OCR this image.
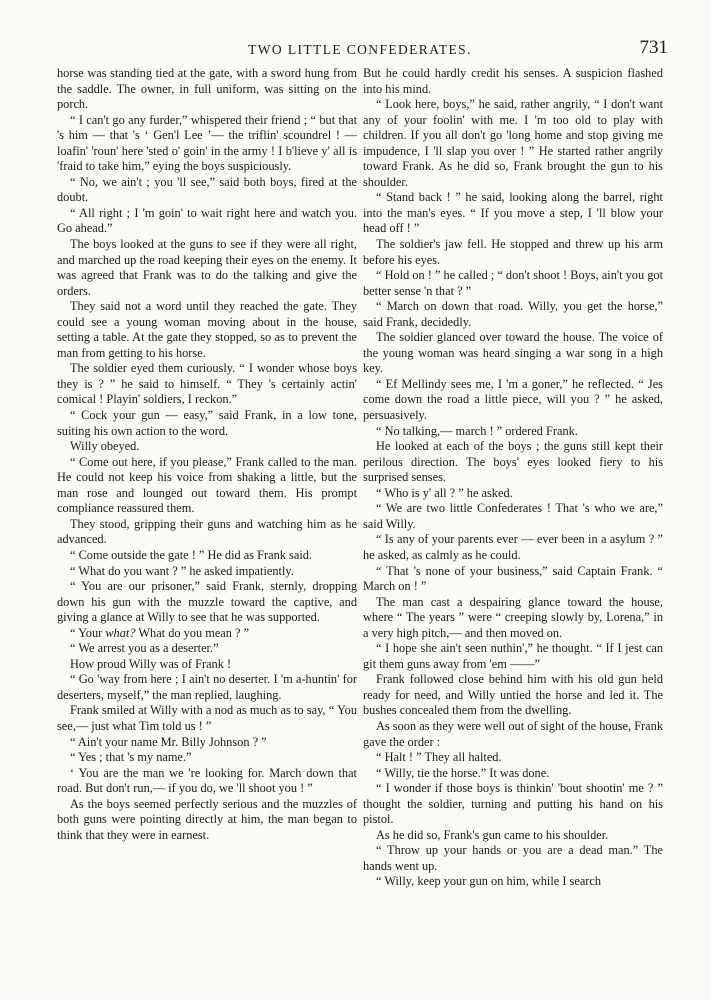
TWO LITTLE CONFEDERATES.	731

horse was standing tied at the gate, with a sword hung from the saddle. The owner, in full uniform, was sitting on the porch.

“ I can't go any furder,” whispered their friend ; “ but that 's him — that 's ‘ Gen'l Lee ’— the triflin' scoundrel ! — loafin' 'roun' here 'sted o' goin' in the army ! I b'lieve y' all is 'fraid to take him,” eying the boys suspiciously.

“ No, we ain't ; you 'll see,” said both boys, fired at the doubt.

“ All right ; I 'm goin' to wait right here and watch you. Go ahead.”

The boys looked at the guns to see if they were all right, and marched up the road keeping their eyes on the enemy. It was agreed that Frank was to do the talking and give the orders.

They said not a word until they reached the gate. They could see a young woman moving about in the house, setting a table. At the gate they stopped, so as to prevent the man from getting to his horse.

The soldier eyed them curiously. “ I wonder whose boys they is ? ” he said to himself. “ They 's certainly actin' comical ! Playin' soldiers, I reckon.”

“ Cock your gun — easy,” said Frank, in a low tone, suiting his own action to the word.

Willy obeyed.

“ Come out here, if you please,” Frank called to the man. He could not keep his voice from shaking a little, but the man rose and lounged out toward them. His prompt compliance reassured them.

They stood, gripping their guns and watching him as he advanced.

“ Come outside the gate ! ” He did as Frank said.

“ What do you want ? ” he asked impatiently.

“ You are our prisoner,” said Frank, sternly, dropping down his gun with the muzzle toward the captive, and giving a glance at Willy to see that he was supported.

“ Your what? What do you mean ? ”

“ We arrest you as a deserter.”

How proud Willy was of Frank !

“ Go 'way from here ; I ain't no deserter. I 'm a-huntin' for deserters, myself,” the man replied, laughing.

Frank smiled at Willy with a nod as much as to say, “ You see,— just what Tim told us ! ”

“ Ain't your name Mr. Billy Johnson ? ”

“ Yes ; that 's my name.”

‘ You are the man we 're looking for. March down that road. But don't run,— if you do, we 'll shoot you ! ”

As the boys seemed perfectly serious and the muzzles of both guns were pointing directly at him, the man began to think that they were in earnest.

But he could hardly credit his senses. A suspicion flashed into his mind.

“ Look here, boys,” he said, rather angrily, “ I don't want any of your foolin' with me. I 'm too old to play with children. If you all don't go 'long home and stop giving me impudence, I 'll slap you over ! ” He started rather angrily toward Frank. As he did so, Frank brought the gun to his shoulder.

“ Stand back ! ” he said, looking along the barrel, right into the man's eyes. “ If you move a step, I 'll blow your head off ! ”

The soldier's jaw fell. He stopped and threw up his arm before his eyes.

“ Hold on ! ” he called ; “ don't shoot ! Boys, ain't you got better sense 'n that ? ”

“ March on down that road. Willy, you get the horse,” said Frank, decidedly.

The soldier glanced over toward the house. The voice of the young woman was heard singing a war song in a high key.

“ Ef Mellindy sees me, I 'm a goner,” he reflected. “ Jes come down the road a little piece, will you ? ” he asked, persuasively.

“ No talking,— march ! ” ordered Frank.

He looked at each of the boys ; the guns still kept their perilous direction. The boys' eyes looked fiery to his surprised senses.

“ Who is y' all ? ” he asked.

“ We are two little Confederates ! That 's who we are,” said Willy.

“ Is any of your parents ever — ever been in a asylum ? ” he asked, as calmly as he could.

“ That 's none of your business,” said Captain Frank. “ March on ! ”

The man cast a despairing glance toward the house, where “ The years ” were “ creeping slowly by, Lorena,” in a very high pitch,— and then moved on.

“ I hope she ain't seen nuthin',” he thought. “ If I jest can git them guns away from 'em ——”

Frank followed close behind him with his old gun held ready for need, and Willy untied the horse and led it. The bushes concealed them from the dwelling.

As soon as they were well out of sight of the house, Frank gave the order :

“ Halt ! ” They all halted.

“ Willy, tie the horse.” It was done.

“ I wonder if those boys is thinkin' 'bout shootin' me ? ” thought the soldier, turning and putting his hand on his pistol.

As he did so, Frank's gun came to his shoulder.

“ Throw up your hands or you are a dead man.” The hands went up.

“ Willy, keep your gun on him, while I search
